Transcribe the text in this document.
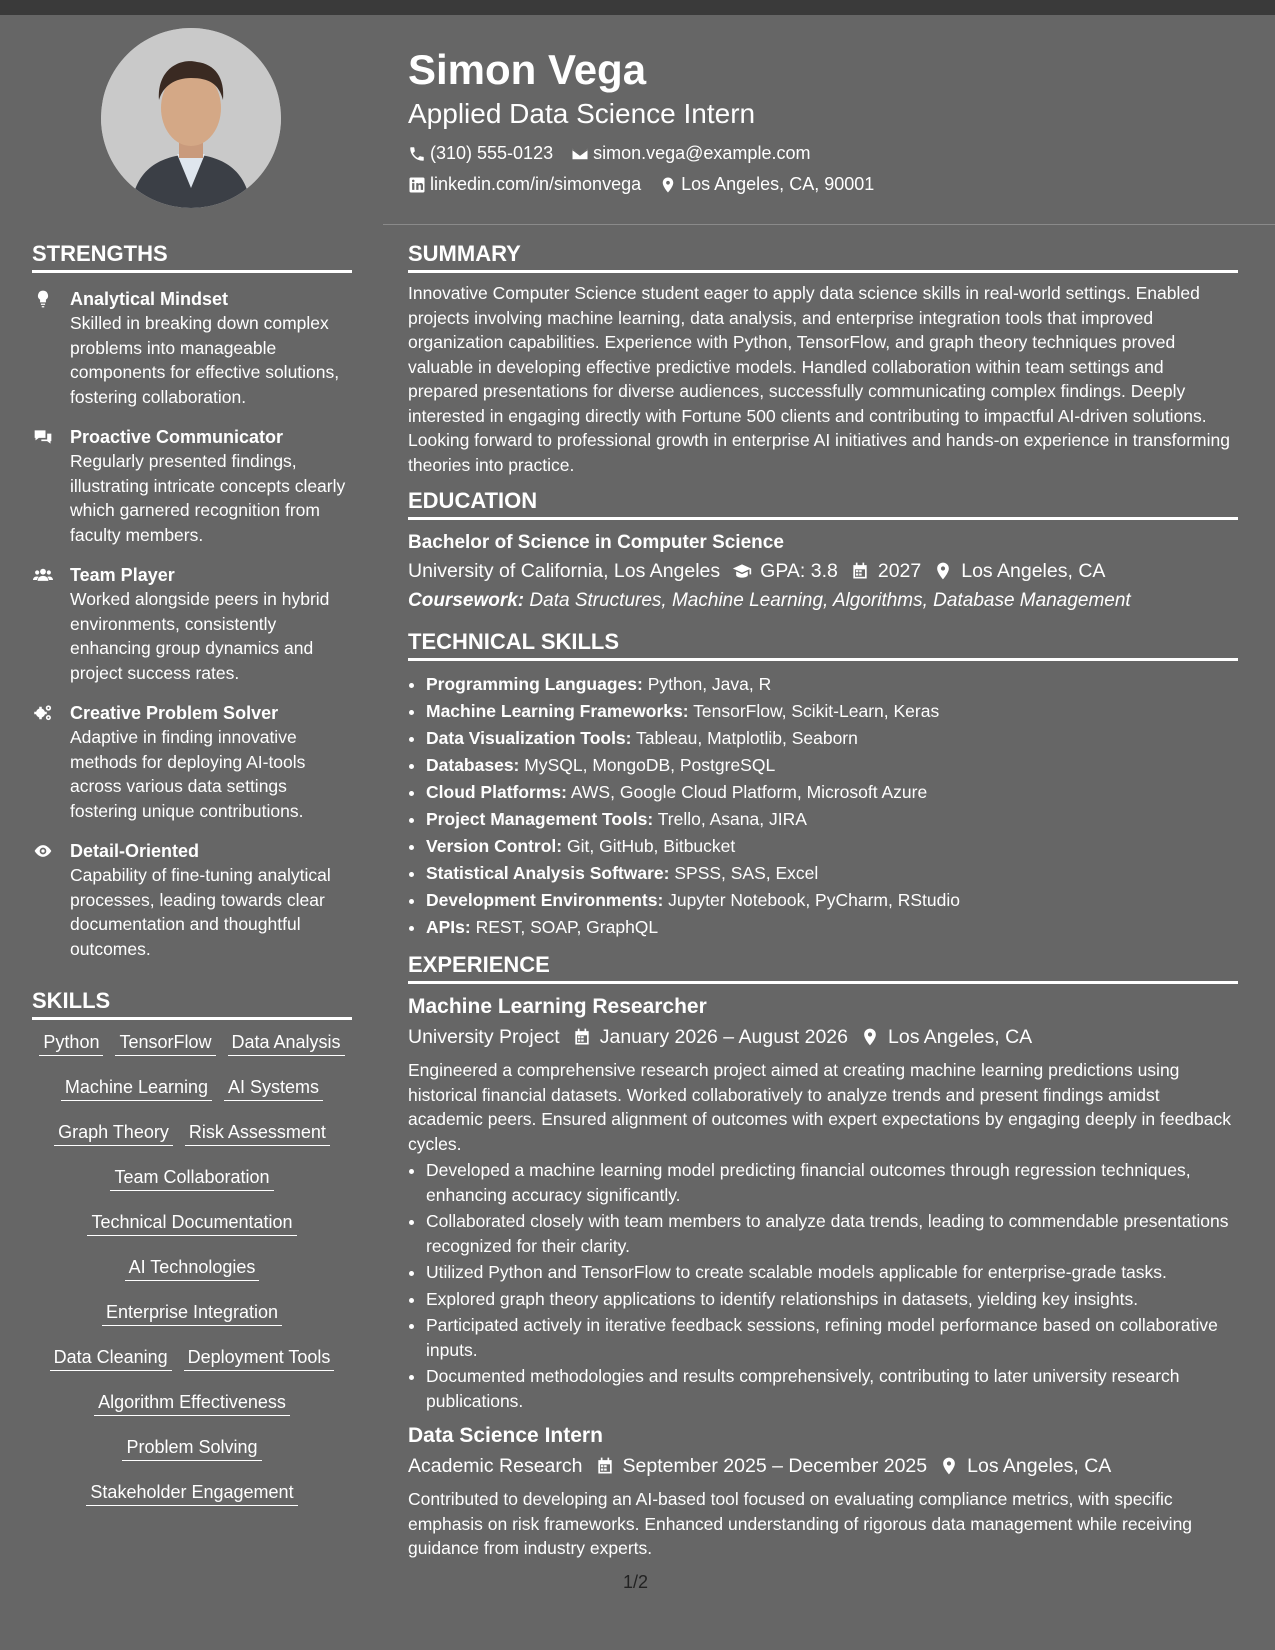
Simon Vega
Applied Data Science Intern
(310) 555-0123 simon.vega@example.com
linkedin.com/in/simonvega Los Angeles, CA, 90001
STRENGTHS
Analytical Mindset
Skilled in breaking down complex problems into manageable components for effective solutions, fostering collaboration.
Proactive Communicator
Regularly presented findings, illustrating intricate concepts clearly which garnered recognition from faculty members.
Team Player
Worked alongside peers in hybrid environments, consistently enhancing group dynamics and project success rates.
Creative Problem Solver
Adaptive in finding innovative methods for deploying AI-tools across various data settings fostering unique contributions.
Detail-Oriented
Capability of fine-tuning analytical processes, leading towards clear documentation and thoughtful outcomes.
SKILLS
Python TensorFlow Data Analysis
Machine Learning AI Systems
Graph Theory Risk Assessment
Team Collaboration
Technical Documentation
AI Technologies
Enterprise Integration
Data Cleaning Deployment Tools
Algorithm Effectiveness
Problem Solving
Stakeholder Engagement
SUMMARY

Innovative Computer Science student eager to apply data science skills in real-world settings. Enabled projects involving machine learning, data analysis, and enterprise integration tools that improved organization capabilities. Experience with Python, TensorFlow, and graph theory techniques proved valuable in developing effective predictive models. Handled collaboration within team settings and prepared presentations for diverse audiences, successfully communicating complex findings. Deeply interested in engaging directly with Fortune 500 clients and contributing to impactful AI-driven solutions. Looking forward to professional growth in enterprise AI initiatives and hands-on experience in transforming theories into practice.

EDUCATION
Bachelor of Science in Computer Science
University of California, Los Angeles GPA: 3.8 2027 Los Angeles, CA
Coursework: Data Structures, Machine Learning, Algorithms, Database Management
TECHNICAL SKILLS
• Programming Languages: Python, Java, R
• Machine Learning Frameworks: TensorFlow, Scikit-Learn, Keras
• Data Visualization Tools: Tableau, Matplotlib, Seaborn
• Databases: MySQL, MongoDB, PostgreSQL
• Cloud Platforms: AWS, Google Cloud Platform, Microsoft Azure
• Project Management Tools: Trello, Asana, JIRA
• Version Control: Git, GitHub, Bitbucket
• Statistical Analysis Software: SPSS, SAS, Excel
• Development Environments: Jupyter Notebook, PyCharm, RStudio
• APIs: REST, SOAP, GraphQL
EXPERIENCE
Machine Learning Researcher
University Project January 2026 – August 2026 Los Angeles, CA
Engineered a comprehensive research project aimed at creating machine learning predictions using historical financial datasets. Worked collaboratively to analyze trends and present findings amidst academic peers. Ensured alignment of outcomes with expert expectations by engaging deeply in feedback cycles.
• Developed a machine learning model predicting financial outcomes through regression techniques, enhancing accuracy significantly.
• Collaborated closely with team members to analyze data trends, leading to commendable presentations recognized for their clarity.
• Utilized Python and TensorFlow to create scalable models applicable for enterprise-grade tasks.
• Explored graph theory applications to identify relationships in datasets, yielding key insights.
• Participated actively in iterative feedback sessions, refining model performance based on collaborative inputs.
• Documented methodologies and results comprehensively, contributing to later university research publications.
Data Science Intern
Academic Research September 2025 – December 2025 Los Angeles, CA
Contributed to developing an AI-based tool focused on evaluating compliance metrics, with specific emphasis on risk frameworks. Enhanced understanding of rigorous data management while receiving guidance from industry experts.
1/2
